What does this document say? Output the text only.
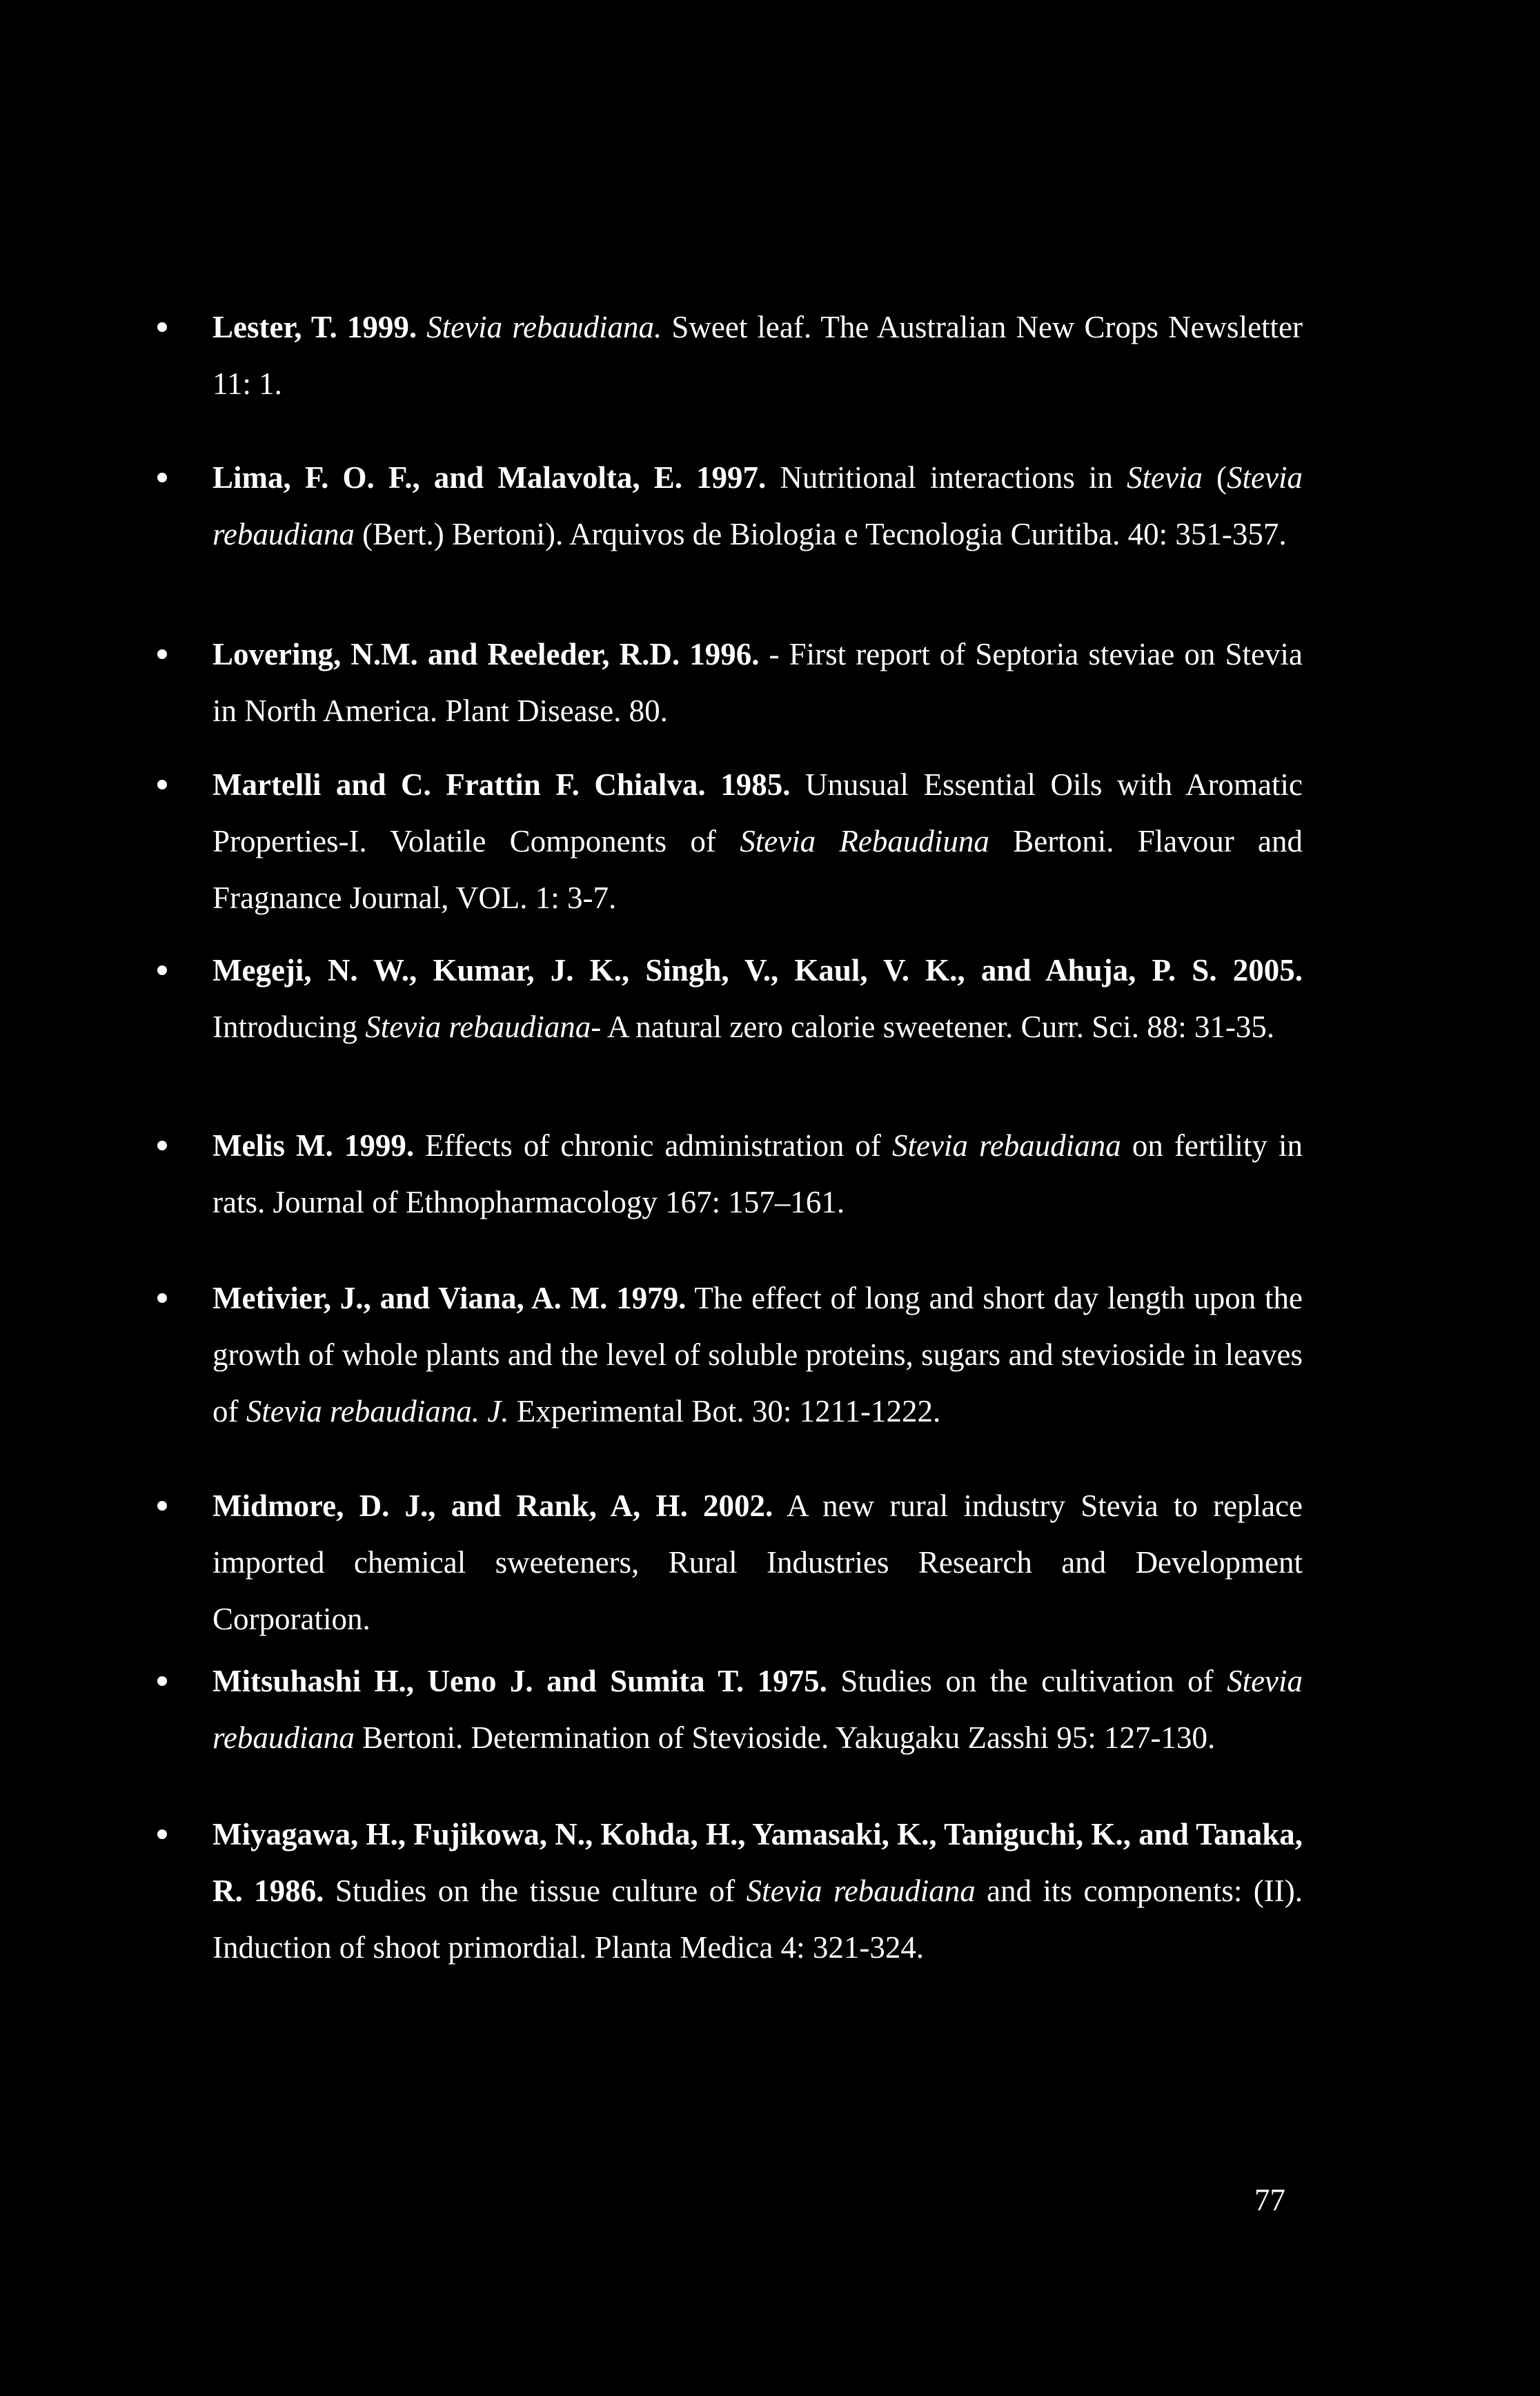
Lester, T. 1999. Stevia rebaudiana. Sweet leaf. The Australian New Crops Newsletter 11: 1.
Lima, F. O. F., and Malavolta, E. 1997. Nutritional interactions in Stevia (Stevia rebaudiana (Bert.) Bertoni). Arquivos de Biologia e Tecnologia Curitiba. 40: 351-357.
Lovering, N.M. and Reeleder, R.D. 1996. - First report of Septoria steviae on Stevia in North America. Plant Disease. 80.
Martelli and C. Frattin F. Chialva. 1985. Unusual Essential Oils with Aromatic Properties-I. Volatile Components of Stevia Rebaudiuna Bertoni. Flavour and Fragnance Journal, VOL. 1: 3-7.
Megeji, N. W., Kumar, J. K., Singh, V., Kaul, V. K., and Ahuja, P. S. 2005. Introducing Stevia rebaudiana- A natural zero calorie sweetener. Curr. Sci. 88: 31-35.
Melis M. 1999. Effects of chronic administration of Stevia rebaudiana on fertility in rats. Journal of Ethnopharmacology 167: 157–161.
Metivier, J., and Viana, A. M. 1979. The effect of long and short day length upon the growth of whole plants and the level of soluble proteins, sugars and stevioside in leaves of Stevia rebaudiana. J. Experimental Bot. 30: 1211-1222.
Midmore, D. J., and Rank, A, H. 2002. A new rural industry Stevia to replace imported chemical sweeteners, Rural Industries Research and Development Corporation.
Mitsuhashi H., Ueno J. and Sumita T. 1975. Studies on the cultivation of Stevia rebaudiana Bertoni. Determination of Stevioside. Yakugaku Zasshi 95: 127-130.
Miyagawa, H., Fujikowa, N., Kohda, H., Yamasaki, K., Taniguchi, K., and Tanaka, R. 1986. Studies on the tissue culture of Stevia rebaudiana and its components: (II). Induction of shoot primordial. Planta Medica 4: 321-324.
77
